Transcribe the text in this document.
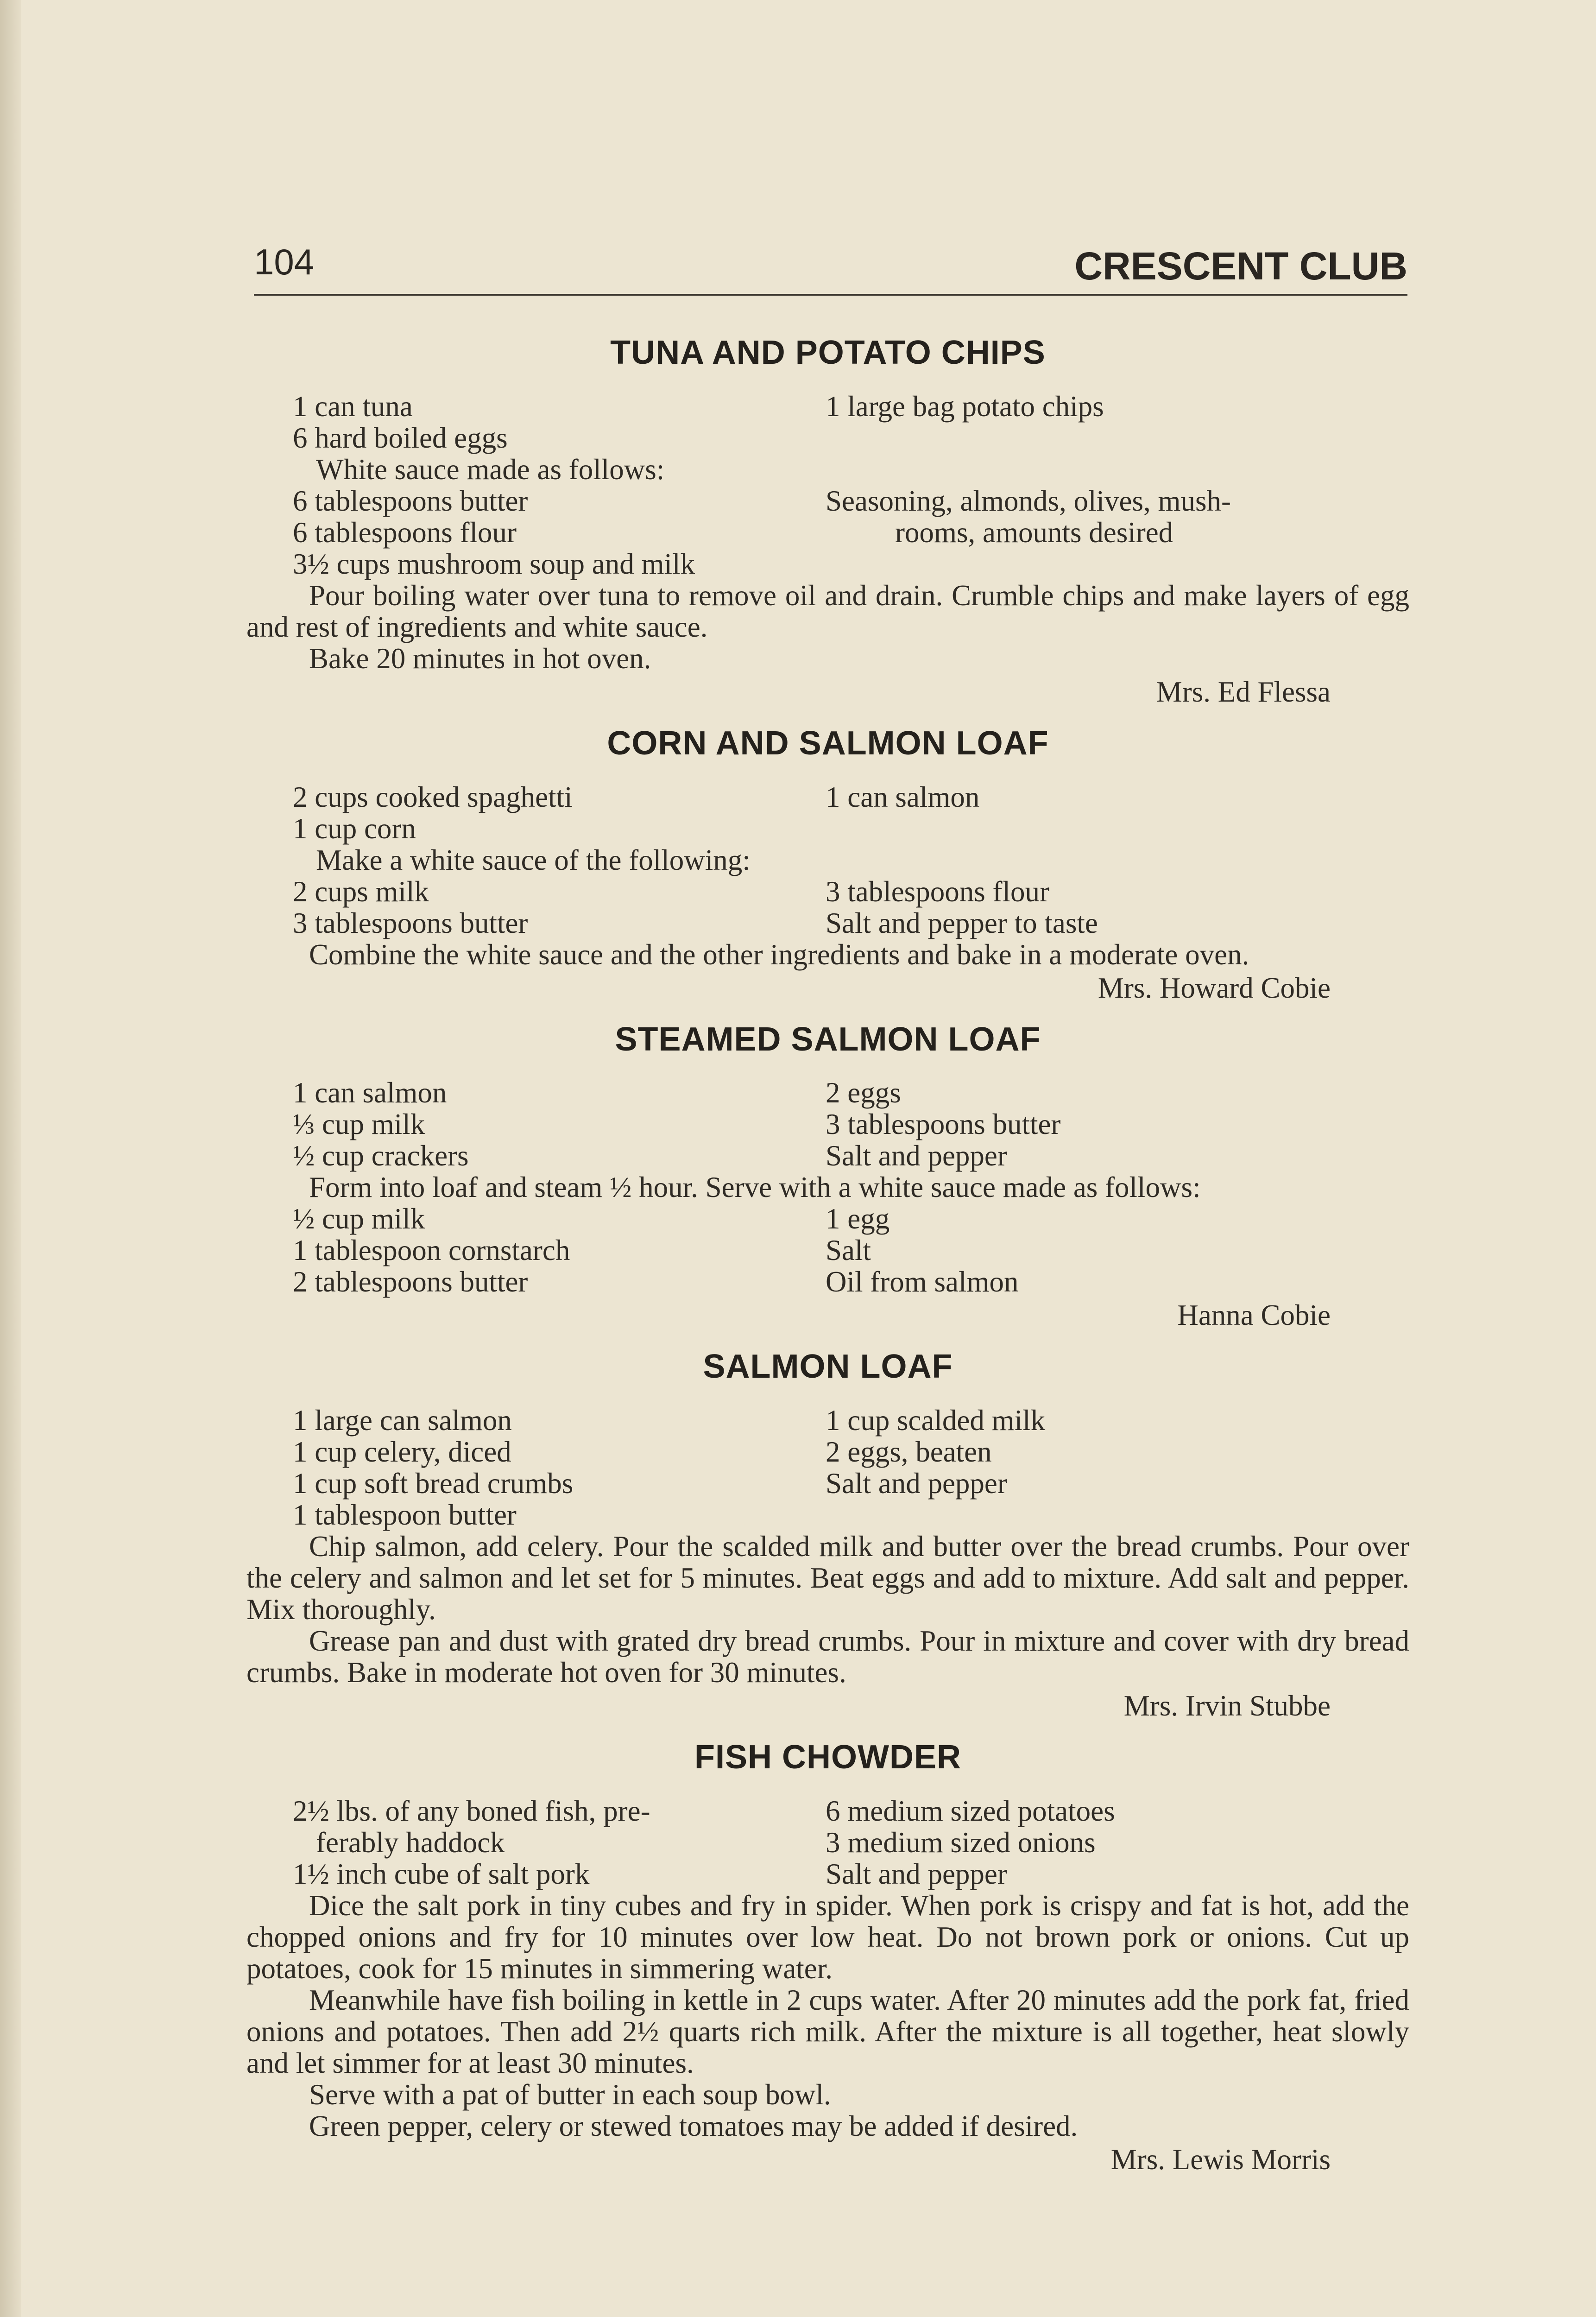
104	CRESCENT CLUB
TUNA AND POTATO CHIPS
1 can tuna	1 large bag potato chips
6 hard boiled eggs
White sauce made as follows:
6 tablespoons butter	Seasoning, almonds, olives, mush-
6 tablespoons flour	rooms, amounts desired
3½ cups mushroom soup and milk

Pour boiling water over tuna to remove oil and drain. Crumble chips and make layers of egg and rest of ingredients and white sauce.

Bake 20 minutes in hot oven.

Mrs. Ed Flessa
CORN AND SALMON LOAF
2 cups cooked spaghetti	1 can salmon
1 cup corn
Make a white sauce of the following:
2 cups milk	3 tablespoons flour
3 tablespoons butter	Salt and pepper to taste

Combine the white sauce and the other ingredients and bake in a moderate oven.

Mrs. Howard Cobie
STEAMED SALMON LOAF
1 can salmon	2 eggs
⅓ cup milk	3 tablespoons butter
½ cup crackers	Salt and pepper

Form into loaf and steam ½ hour. Serve with a white sauce made as follows:

½ cup milk	1 egg
1 tablespoon cornstarch	Salt
2 tablespoons butter	Oil from salmon
Hanna Cobie
SALMON LOAF
1 large can salmon	1 cup scalded milk
1 cup celery, diced	2 eggs, beaten
1 cup soft bread crumbs	Salt and pepper
1 tablespoon butter

Chip salmon, add celery. Pour the scalded milk and butter over the bread crumbs. Pour over the celery and salmon and let set for 5 minutes. Beat eggs and add to mixture. Add salt and pepper. Mix thoroughly.

Grease pan and dust with grated dry bread crumbs. Pour in mixture and cover with dry bread crumbs. Bake in moderate hot oven for 30 minutes.

Mrs. Irvin Stubbe
FISH CHOWDER
2½ lbs. of any boned fish, pre-	6 medium sized potatoes
ferably haddock	3 medium sized onions
1½ inch cube of salt pork	Salt and pepper

Dice the salt pork in tiny cubes and fry in spider. When pork is crispy and fat is hot, add the chopped onions and fry for 10 minutes over low heat. Do not brown pork or onions. Cut up potatoes, cook for 15 minutes in simmering water.

Meanwhile have fish boiling in kettle in 2 cups water. After 20 minutes add the pork fat, fried onions and potatoes. Then add 2½ quarts rich milk. After the mixture is all together, heat slowly and let simmer for at least 30 minutes.

Serve with a pat of butter in each soup bowl.

Green pepper, celery or stewed tomatoes may be added if desired.

Mrs. Lewis Morris
